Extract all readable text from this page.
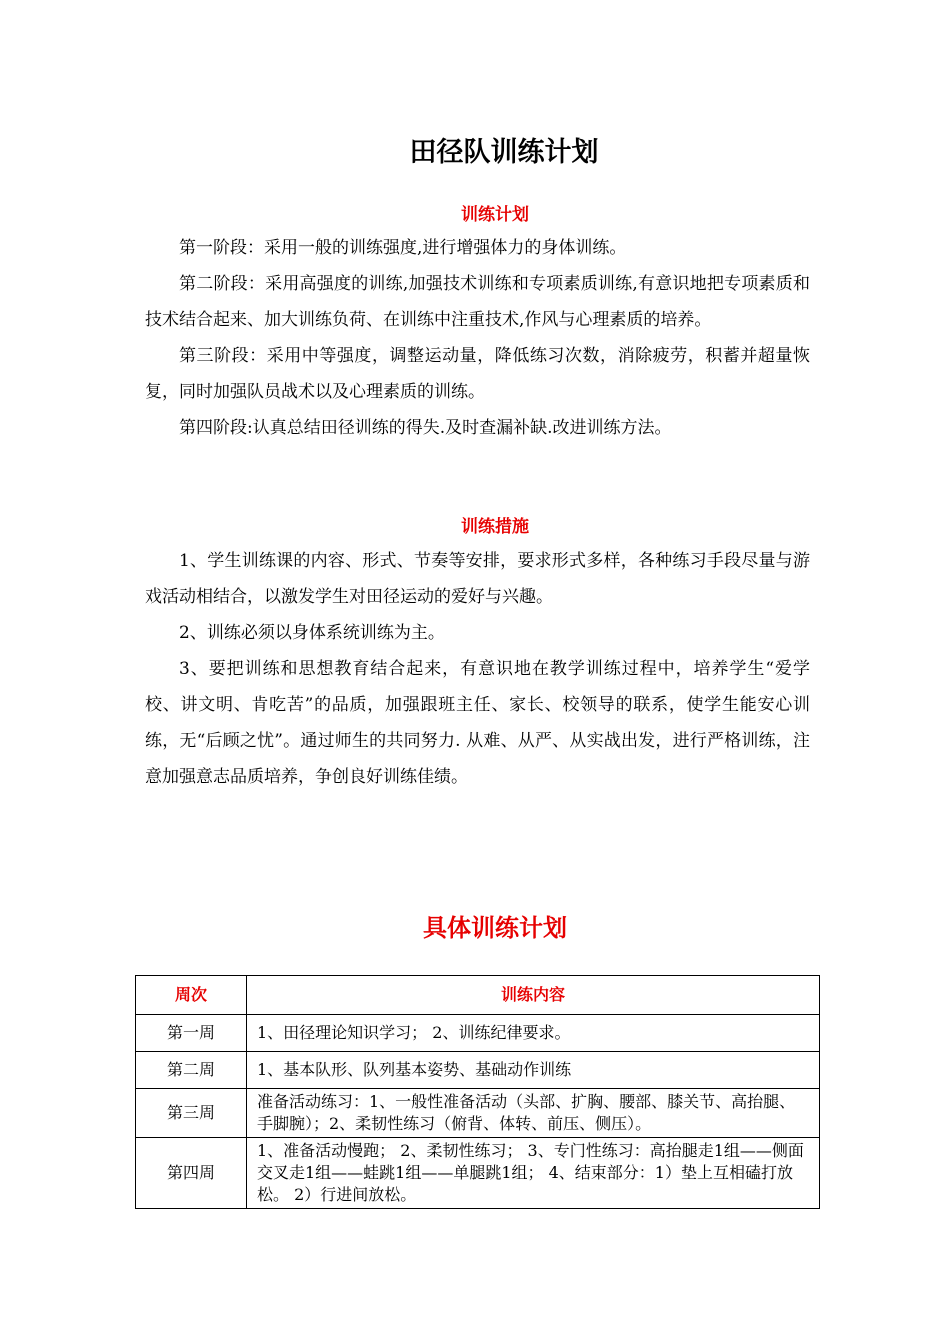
田径队训练计划
训练计划

第一阶段：采用一般的训练强度,进行增强体力的身体训练。

第二阶段：采用高强度的训练,加强技术训练和专项素质训练,有意识地把专项素质和技术结合起来、加大训练负荷、在训练中注重技术,作风与心理素质的培养。

第三阶段：采用中等强度，调整运动量，降低练习次数，消除疲劳，积蓄并超量恢复，同时加强队员战术以及心理素质的训练。

第四阶段:认真总结田径训练的得失.及时查漏补缺.改进训练方法。

训练措施

1、学生训练课的内容、形式、节奏等安排，要求形式多样，各种练习手段尽量与游戏活动相结合，以激发学生对田径运动的爱好与兴趣。

2、训练必须以身体系统训练为主。

3、要把训练和思想教育结合起来，有意识地在教学训练过程中，培养学生“爱学校、讲文明、肯吃苦”的品质，加强跟班主任、家长、校领导的联系，使学生能安心训练，无“后顾之忧”。通过师生的共同努力. 从难、从严、从实战出发，进行严格训练，注意加强意志品质培养，争创良好训练佳绩。

具体训练计划
周次	训练内容
第一周	1、田径理论知识学习； 2、训练纪律要求。
第二周	1、基本队形、队列基本姿势、基础动作训练
第三周	准备活动练习：1、一般性准备活动（头部、扩胸、腰部、膝关节、高抬腿、手脚腕）；2、柔韧性练习（俯背、体转、前压、侧压）。
第四周	1、准备活动慢跑； 2、柔韧性练习； 3、专门性练习：高抬腿走1组——侧面交叉走1组——蛙跳1组——单腿跳1组； 4、结束部分：1）垫上互相磕打放松。 2）行进间放松。
